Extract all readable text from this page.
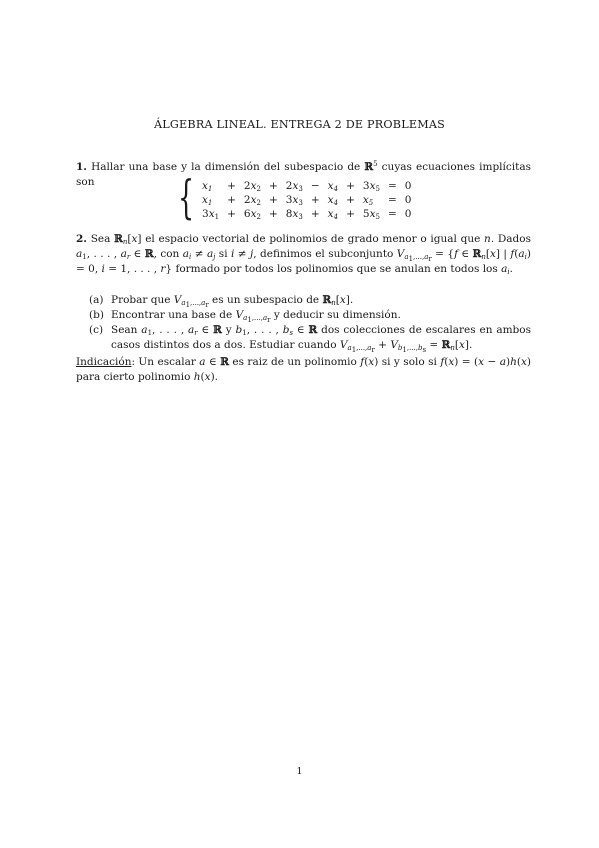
ÁLGEBRA LINEAL. ENTREGA 2 DE PROBLEMAS
1. Hallar una base y la dimensión del subespacio de ℝ$^5$ cuyas ecuaciones implícitas son	{ $x_1$	+	$2x_2$	+	$2x_3$	−	$x_4$	+	$3x_5$	=	0
$x_1$	+	$2x_2$	+	$3x_3$	+	$x_4$	+	$x_5$	=	0
$3x_1$	+	$6x_2$	+	$8x_3$	+	$x_4$	+	$5x_5$	=	0
2. Sea ℝ$_n$[x] el espacio vectorial de polinomios de grado menor o igual que n. Dados $a_1$, . . . , $a_r$ ∈ ℝ, con $a_i \ne a_j$ si i ≠ j, definimos el subconjunto $V_{a_1,...,a_r} = \{f$ ∈ ℝ$_n$[x] | $f(a_i) = 0$, i = 1, . . . , r} formado por todos los polinomios que se anulan en todos los $a_i$.
(a) Probar que $V_{a_1,...,a_r}$ es un subespacio de ℝ$_n$[x].
(b) Encontrar una base de $V_{a_1,...,a_r}$ y deducir su dimensión.
(c) Sean $a_1$, . . . , $a_r$ ∈ ℝ y $b_1$, . . . , $b_s$ ∈ ℝ dos colecciones de escalares en ambos casos distintos dos a dos. Estudiar cuando $V_{a_1,...,a_r} + V_{b_1,...,b_s}$ = ℝ$_n$[x].
Indicación: Un escalar a ∈ ℝ es raiz de un polinomio f(x) si y solo si f(x) = (x − a)h(x) para cierto polinomio h(x).
1
